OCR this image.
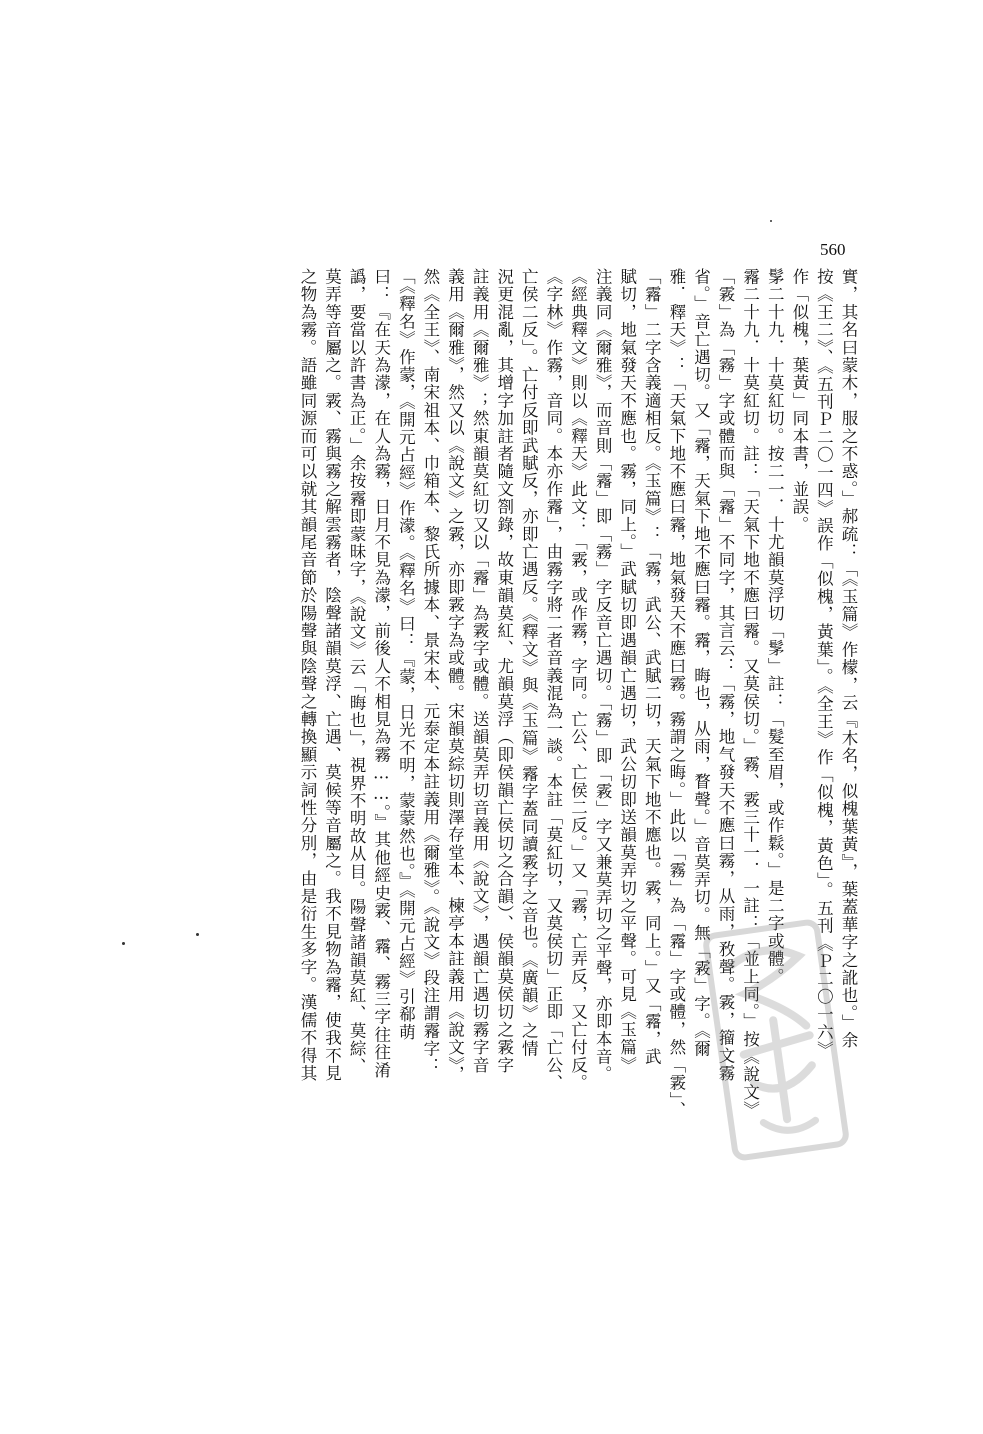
560
實，其名曰蒙木，服之不惑。」郝疏：「《玉篇》作檬，云『木名，似槐葉黃』，葉蓋華字之訛也。」余
按《王二》、《五刊Ｐ二〇一四》誤作「似槐，黃葉」。《全王》作「似槐，黃色」。五刊《Ｐ二〇一六》
作「似槐，葉黃」同本書，並誤。
髳二十九．十莫紅切。按二一．十尤韻莫浮切「髳」註：「髮至眉，或作鬏。」是二字或體。
霿二十九．十莫紅切。註：「天氣下地不應曰霿。又莫侯切。」霧、霚三十一．一註：「並上同。」按《說文》
「霚」為「霧」字或體而與「霿」不同字，其言云：「霧，地气發天不應曰霧，从雨，敄聲。霚，籀文霧
省。」音亡遇切。又「霿，天氣下地不應曰霿。霿，晦也，从雨，瞀聲。」音莫弄切。無「霚」字。《爾
雅．釋天》：「天氣下地不應曰霿，地氣發天不應曰霧。霧謂之晦。」此以「霧」為「霿」字或體，然「霚」、
「霿」二字含義適相反。《玉篇》：「霧，武公、武賦二切，天氣下地不應也。霚，同上。」又「霿，武
賦切，地氣發天不應也。霧，同上。」武賦切即遇韻亡遇切，武公切即送韻莫弄切之平聲。可見《玉篇》
注義同《爾雅》，而音則「霿」即「霧」字反音亡遇切。「霧」即「霚」字又兼莫弄切之平聲，亦即本音。
《經典釋文》則以《釋天》此文：「霚，或作霧，字同。亡公、亡侯二反。」又「霧，亡弄反，又亡付反。
《字林》作霧，音同。本亦作霿」，由霧字將二者音義混為一談。本註「莫紅切，又莫侯切」正即「亡公、
亡侯二反」。亡付反即武賦反，亦即亡遇反。《釋文》與《玉篇》霿字蓋同讀霚字之音也。《廣韻》之情
況更混亂，其增字加註者隨文劄錄，故東韻莫紅、尤韻莫浮（即侯韻亡侯切之合韻）、侯韻莫侯切之霚字
註義用《爾雅》；然東韻莫紅切又以「霿」為霚字或體。送韻莫弄切音義用《說文》，遇韻亡遇切霧字音
義用《爾雅》，然又以《說文》之霚，亦即霚字為或體。宋韻莫綜切則澤存堂本、楝亭本註義用《說文》，
然《全王》、南宋祖本、巾箱本、黎氏所據本、景宋本、元泰定本註義用《爾雅》。《說文》段注謂霿字：
「《釋名》作蒙，《開元占經》作濛。《釋名》曰：『蒙，日光不明，蒙蒙然也。』《開元占經》引郗萌
曰：『在天為濛，在人為霧，日月不見為濛，前後人不相見為霧……。』其他經史霚、霿、霧三字往往淆
譌，要當以許書為正。」余按霿即蒙昧字，《說文》云「晦也」，視界不明故从目。陽聲諸韻莫紅、莫綜、
莫弄等音屬之。霚、霧與霧之解雲霧者，陰聲諸韻莫浮、亡遇、莫候等音屬之。我不見物為霿，使我不見
之物為霧。語雖同源而可以就其韻尾音節於陽聲與陰聲之轉換顯示詞性分別，由是衍生多字。漢儒不得其
